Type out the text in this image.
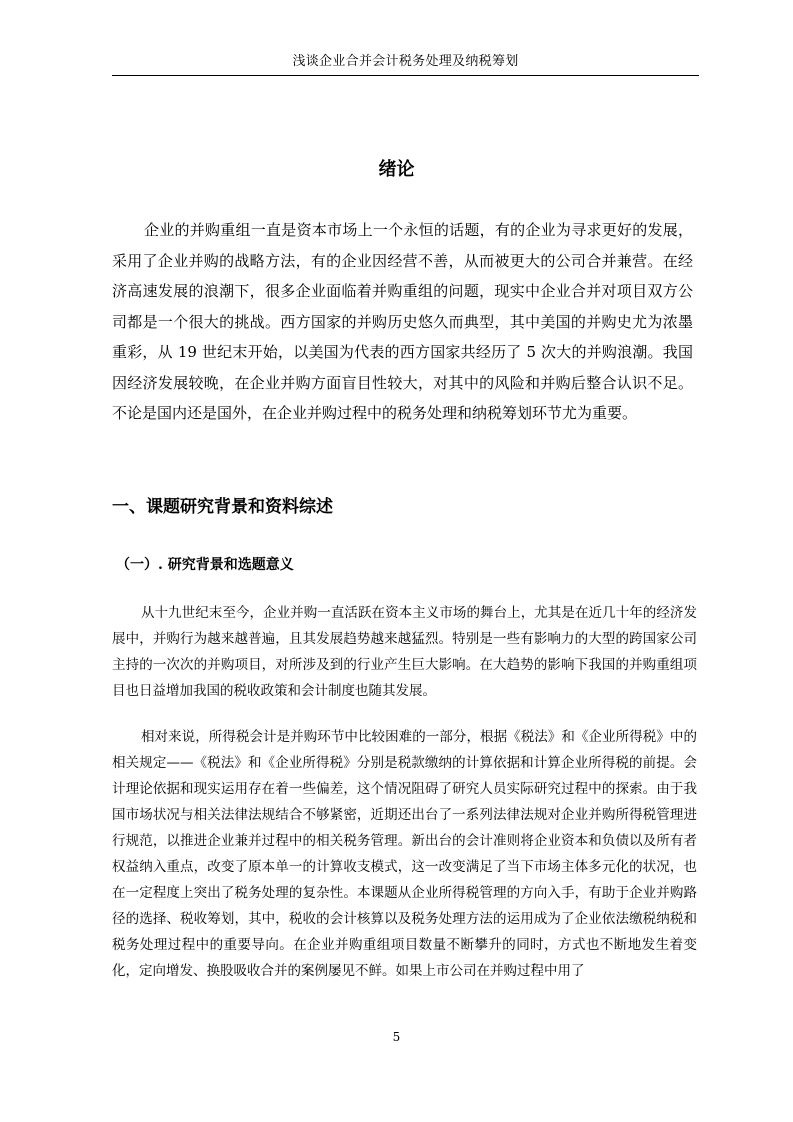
浅谈企业合并会计税务处理及纳税筹划
绪论

企业的并购重组一直是资本市场上一个永恒的话题，有的企业为寻求更好的发展，采用了企业并购的战略方法，有的企业因经营不善，从而被更大的公司合并兼营。在经济高速发展的浪潮下，很多企业面临着并购重组的问题，现实中企业合并对项目双方公司都是一个很大的挑战。西方国家的并购历史悠久而典型，其中美国的并购史尤为浓墨重彩，从 19 世纪末开始，以美国为代表的西方国家共经历了 5 次大的并购浪潮。我国因经济发展较晚，在企业并购方面盲目性较大，对其中的风险和并购后整合认识不足。不论是国内还是国外，在企业并购过程中的税务处理和纳税筹划环节尤为重要。

一、课题研究背景和资料综述
（一）. 研究背景和选题意义

从十九世纪末至今，企业并购一直活跃在资本主义市场的舞台上，尤其是在近几十年的经济发展中，并购行为越来越普遍，且其发展趋势越来越猛烈。特别是一些有影响力的大型的跨国家公司主持的一次次的并购项目，对所涉及到的行业产生巨大影响。在大趋势的影响下我国的并购重组项目也日益增加我国的税收政策和会计制度也随其发展。

相对来说，所得税会计是并购环节中比较困难的一部分，根据《税法》和《企业所得税》中的相关规定——《税法》和《企业所得税》分别是税款缴纳的计算依据和计算企业所得税的前提。会计理论依据和现实运用存在着一些偏差，这个情况阻碍了研究人员实际研究过程中的探索。由于我国市场状况与相关法律法规结合不够紧密，近期还出台了一系列法律法规对企业并购所得税管理进行规范，以推进企业兼并过程中的相关税务管理。新出台的会计准则将企业资本和负债以及所有者权益纳入重点，改变了原本单一的计算收支模式，这一改变满足了当下市场主体多元化的状况，也在一定程度上突出了税务处理的复杂性。本课题从企业所得税管理的方向入手，有助于企业并购路径的选择、税收筹划，其中，税收的会计核算以及税务处理方法的运用成为了企业依法缴税纳税和税务处理过程中的重要导向。在企业并购重组项目数量不断攀升的同时，方式也不断地发生着变化，定向增发、换股吸收合并的案例屡见不鲜。如果上市公司在并购过程中用了

5
